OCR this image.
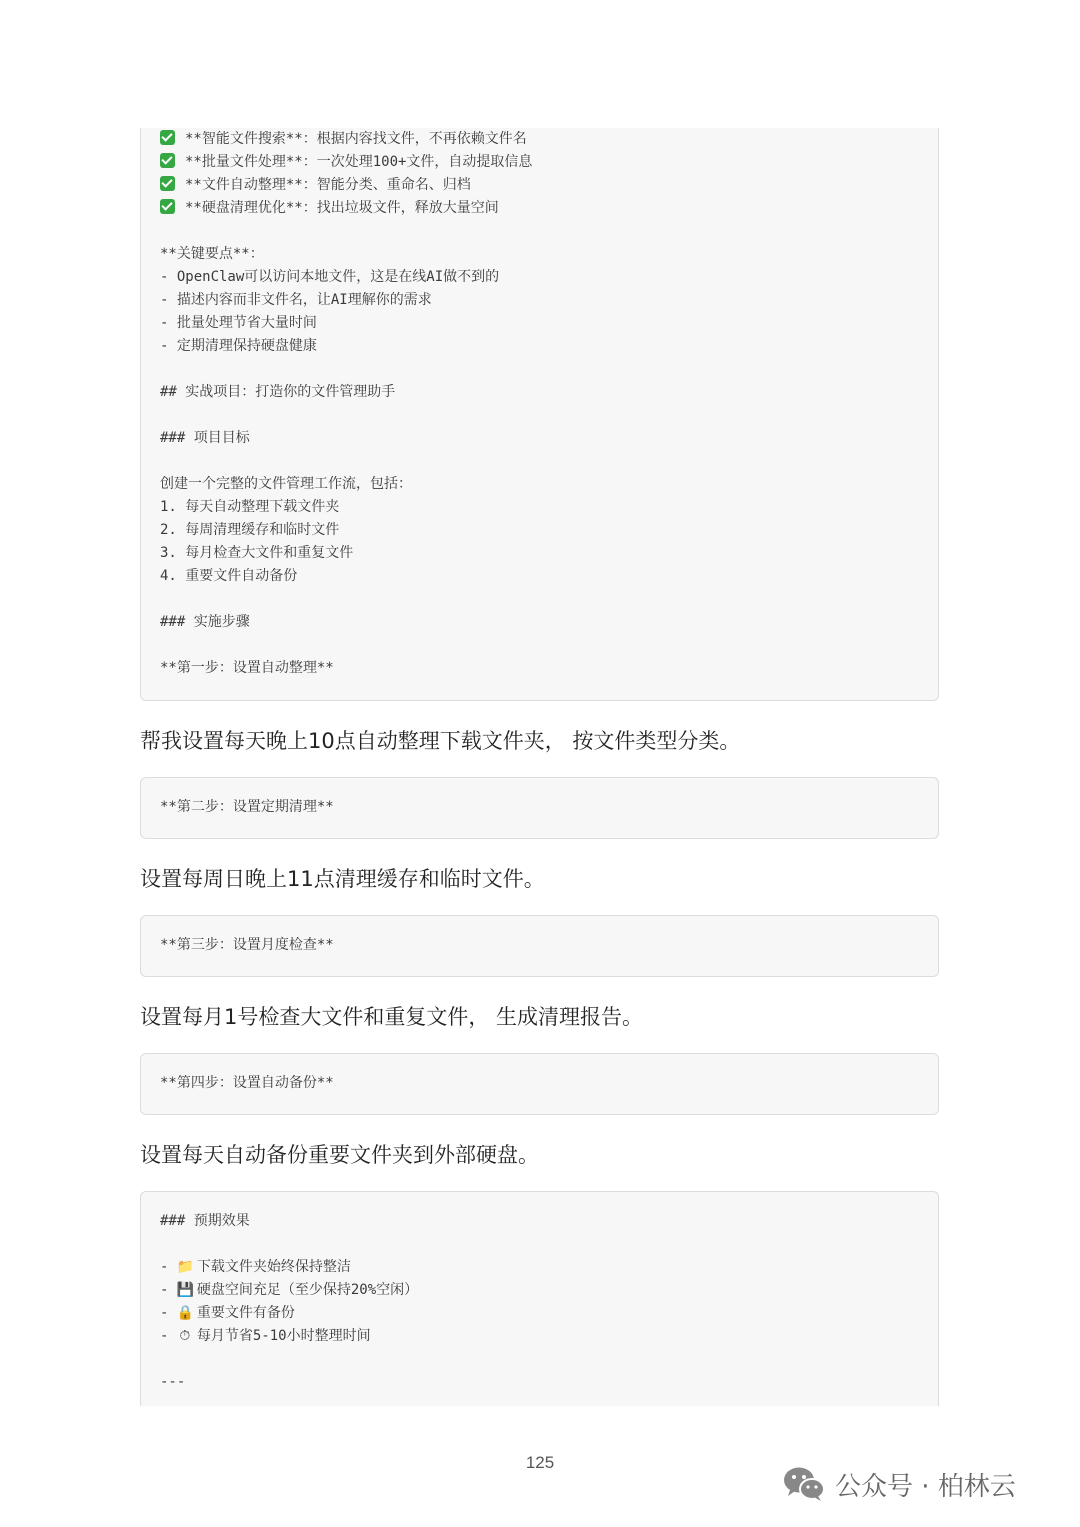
**智能文件搜索**：根据内容找文件，不再依赖文件名
**批量文件处理**：一次处理100+文件，自动提取信息
**文件自动整理**：智能分类、重命名、归档
**硬盘清理优化**：找出垃圾文件，释放大量空间
**关键要点**：
- OpenClaw可以访问本地文件，这是在线AI做不到的
- 描述内容而非文件名，让AI理解你的需求
- 批量处理节省大量时间
- 定期清理保持硬盘健康
## 实战项目：打造你的文件管理助手
### 项目目标
创建一个完整的文件管理工作流，包括：
1. 每天自动整理下载文件夹
2. 每周清理缓存和临时文件
3. 每月检查大文件和重复文件
4. 重要文件自动备份
### 实施步骤
**第一步：设置自动整理**
帮我设置每天晚上10点自动整理下载文件夹， 按文件类型分类。
**第二步：设置定期清理**
设置每周日晚上11点清理缓存和临时文件。
**第三步：设置月度检查**
设置每月1号检查大文件和重复文件， 生成清理报告。
**第四步：设置自动备份**
设置每天自动备份重要文件夹到外部硬盘。
### 预期效果
- 📁 下载文件夹始终保持整洁
- 💾 硬盘空间充足（至少保持20%空闲）
- 🔒 重要文件有备份
- ⏱ 每月节省5-10小时整理时间
---
125
公众号 · 柏林云
